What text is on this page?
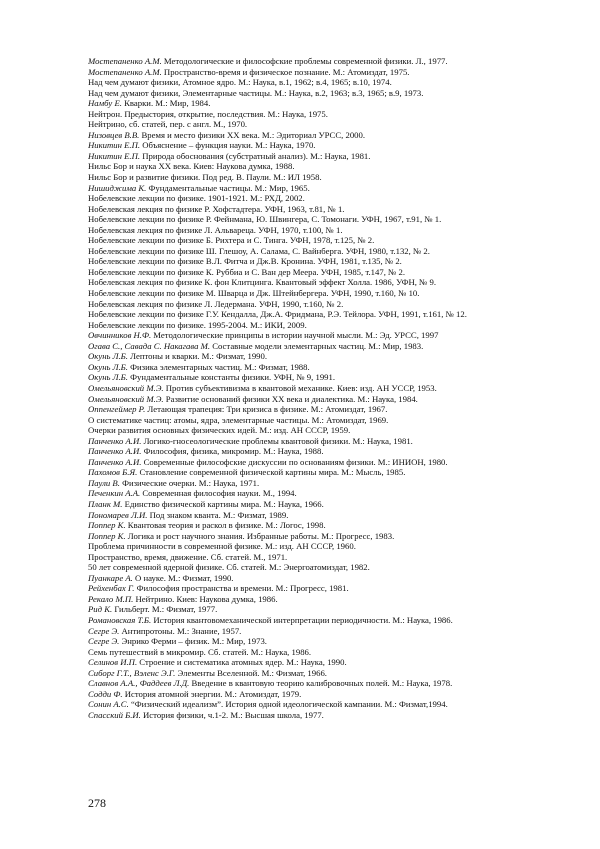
Мостепаненко А.М. Методологические и философские проблемы современной физики. Л., 1977.
Мостепаненко А.М. Пространство-время и физическое познание. М.: Атомиздат, 1975.
Над чем думают физики, Атомное ядро. М.: Наука, в.1, 1962; в.4, 1965; в.10, 1974.
Над чем думают физики, Элементарные частицы. М.: Наука, в.2, 1963; в.3, 1965; в.9, 1973.
Намбу Е. Кварки. М.: Мир, 1984.
Нейтрон. Предыстория, открытие, последствия. М.: Наука, 1975.
Нейтрино, сб. статей, пер. с англ. М., 1970.
Низовцев В.В. Время и место физики XX века. М.: Эдиториал УРСС, 2000.
Никитин Е.П. Объяснение – функция науки. М.: Наука, 1970.
Никитин Е.П. Природа обоснования (субстратный анализ). М.: Наука, 1981.
Нильс Бор и наука XX века. Киев: Наукова думка, 1988.
Нильс Бор и развитие физики. Под ред. В. Паули. М.: ИЛ 1958.
Нишиджима К. Фундаментальные частицы. М.: Мир, 1965.
Нобелевские лекции по физике. 1901-1921. М.: РХД, 2002.
Нобелевская лекция по физике Р. Хофстадтера. УФН, 1963, т.81, № 1.
Нобелевские лекции по физике Р. Фейнмана, Ю. Швингера, С. Томонаги. УФН, 1967, т.91, № 1.
Нобелевская лекция по физике Л. Альвареца. УФН, 1970, т.100, № 1.
Нобелевские лекции по физике Б. Рихтера и С. Тинга. УФН, 1978, т.125, № 2.
Нобелевские лекции по физике Ш. Глешоу, А. Салама, С. Вайнберга. УФН, 1980, т.132, № 2.
Нобелевские лекции по физике В.Л. Фитча и Дж.В. Кронина. УФН, 1981, т.135, № 2.
Нобелевские лекции по физике К. Руббиа и С. Ван дер Меера. УФН, 1985, т.147, № 2.
Нобелевская лекция по физике К. фон Клитцинга. Квантовый эффект Холла. 1986, УФН, № 9.
Нобелевские лекции по физике М. Шварца и Дж. Штейнбергера. УФН, 1990, т.160, № 10.
Нобелевская лекция по физике Л. Ледермана. УФН, 1990, т.160, № 2.
Нобелевские лекции по физике Г.У. Кендалла, Дж.А. Фридмана, Р.Э. Тейлора. УФН, 1991, т.161, № 12.
Нобелевские лекции по физике. 1995-2004. М.: ИКИ, 2009.
Овчинников Н.Ф. Методологические принципы в истории научной мысли. М.: Эд. УРСС, 1997
Огава С., Савада С. Накагава М. Составные модели элементарных частиц. М.: Мир, 1983.
Окунь Л.Б. Лептоны и кварки. М.: Физмат, 1990.
Окунь Л.Б. Физика элементарных частиц. М.: Физмат, 1988.
Окунь Л.Б. Фундаментальные константы физики. УФН, № 9, 1991.
Омельяновский М.Э. Против субъективизма в квантовой механике. Киев: изд. АН УССР, 1953.
Омельяновский М.Э. Развитие оснований физики XX века и диалектика. М.: Наука, 1984.
Оппенгеймер Р. Летающая трапеция: Три кризиса в физике. М.: Атомиздат, 1967.
О систематике частиц: атомы, ядра, элементарные частицы. М.: Атомиздат, 1969.
Очерки развития основных физических идей. М.: изд. АН СССР, 1959.
Панченко А.И. Логико-гносеологические проблемы квантовой физики. М.: Наука, 1981.
Панченко А.И. Философия, физика, микромир. М.: Наука, 1988.
Панченко А.И. Современные философские дискуссии по основаниям физики. М.: ИНИОН, 1980.
Пахомов Б.Я. Становление современной физической картины мира. М.: Мысль, 1985.
Паули В. Физические очерки. М.: Наука, 1971.
Печенкин А.А. Современная философия науки. М., 1994.
Планк М. Единство физической картины мира. М.: Наука, 1966.
Пономарев Л.И. Под знаком кванта. М.: Физмат, 1989.
Поппер К. Квантовая теория и раскол в физике. М.: Логос, 1998.
Поппер К. Логика и рост научного знания. Избранные работы. М.: Прогресс, 1983.
Проблема причинности в современной физике. М.: изд. АН СССР, 1960.
Пространство, время, движение. Сб. статей. М., 1971.
50 лет современной ядерной физике. Сб. статей. М.: Энергоатомиздат, 1982.
Пуанкаре А. О науке. М.: Физмат, 1990.
Рейхенбах Г. Философия пространства и времени. М.: Прогресс, 1981.
Рекало М.П. Нейтрино. Киев: Наукова думка, 1986.
Рид К. Гильберт. М.: Физмат, 1977.
Романовская Т.Б. История квантовомеханической интерпретации периодичности. М.: Наука, 1986.
Сегре Э. Антипротоны. М.: Знание, 1957.
Сегре Э. Энрико Ферми – физик. М.: Мир, 1973.
Семь путешествий в микромир. Сб. статей. М.: Наука, 1986.
Селинов И.П. Строение и систематика атомных ядер. М.: Наука, 1990.
Сиборг Г.Т., Вэленс Э.Г. Элементы Вселенной. М.: Физмат, 1966.
Славнов А.А., Фаддеев Л.Д. Введение в квантовую теорию калибровочных полей. М.: Наука, 1978.
Содди Ф. История атомной энергии. М.: Атомиздат, 1979.
Сонин А.С. “Физический идеализм”. История одной идеологической кампании. М.: Физмат,1994.
Спасский Б.И. История физики, ч.1-2. М.: Высшая школа, 1977.
278
